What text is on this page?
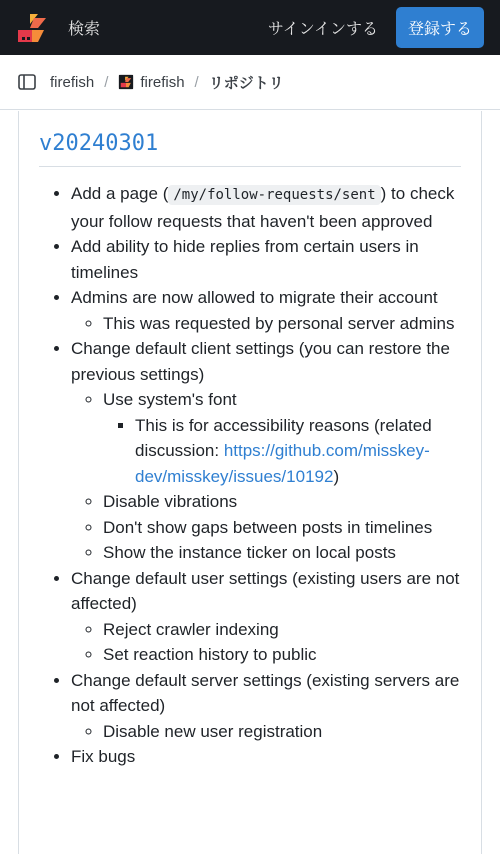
検索	サインインする	登録する
firefish / firefish / リポジトリ
v20240301
• Add a page ( /my/follow-requests/sent ) to check your follow requests that haven't been approved
• Add ability to hide replies from certain users in timelines
• Admins are now allowed to migrate their account
◦ This was requested by personal server admins
• Change default client settings (you can restore the previous settings)
◦ Use system's font
▪ This is for accessibility reasons (related discussion: https://github.com/misskey-dev/misskey/issues/10192)
◦ Disable vibrations
◦ Don't show gaps between posts in timelines
◦ Show the instance ticker on local posts
• Change default user settings (existing users are not affected)
◦ Reject crawler indexing
◦ Set reaction history to public
• Change default server settings (existing servers are not affected)
◦ Disable new user registration
• Fix bugs
